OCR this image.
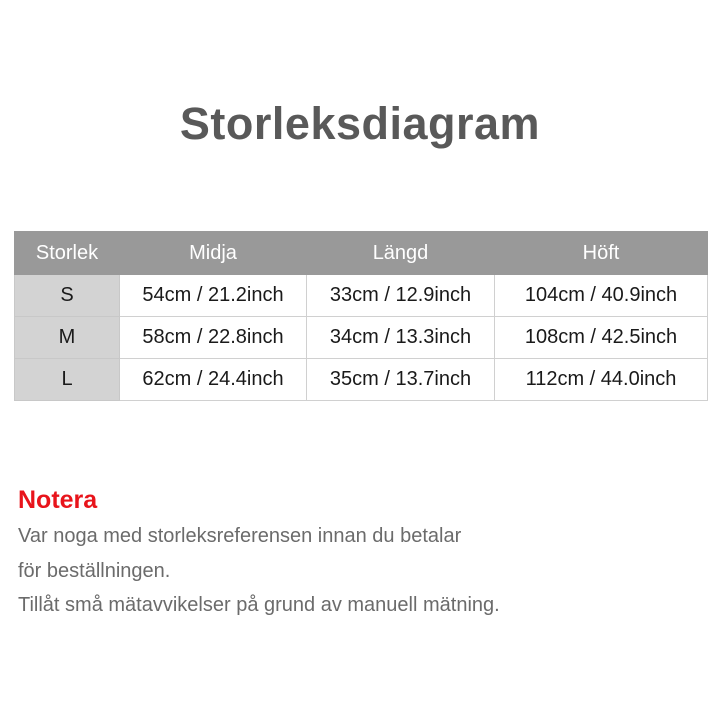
Storleksdiagram
Storlek	Midja	Längd	Höft
S	54cm / 21.2inch	33cm / 12.9inch	104cm / 40.9inch
M	58cm / 22.8inch	34cm / 13.3inch	108cm / 42.5inch
L	62cm / 24.4inch	35cm / 13.7inch	112cm / 44.0inch
Notera
Var noga med storleksreferensen innan du betalar
för beställningen.
Tillåt små mätavvikelser på grund av manuell mätning.
